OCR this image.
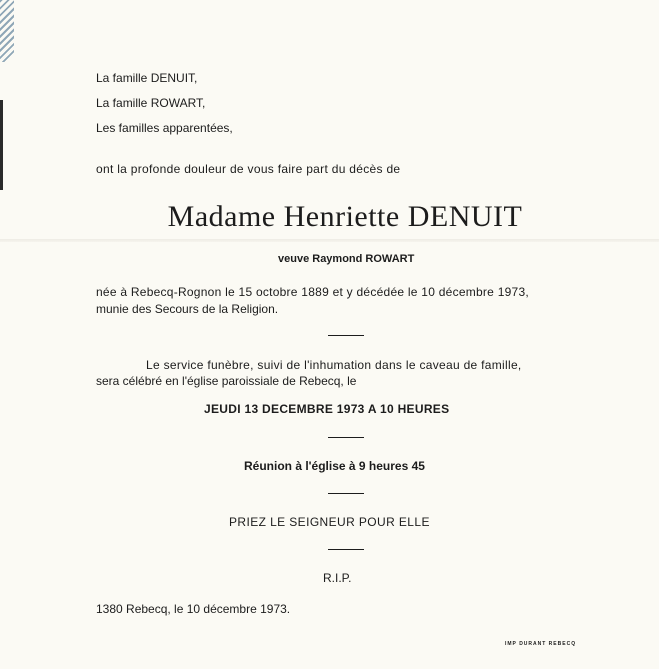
La famille DENUIT,
La famille ROWART,
Les familles apparentées,
ont la profonde douleur de vous faire part du décès de
Madame Henriette DENUIT
veuve Raymond ROWART
née à Rebecq-Rognon le 15 octobre 1889 et y décédée le 10 décembre 1973,
munie des Secours de la Religion.
Le service funèbre, suivi de l'inhumation dans le caveau de famille,
sera célébré en l'église paroissiale de Rebecq, le
JEUDI 13 DECEMBRE 1973 A 10 HEURES
Réunion à l'église à 9 heures 45
PRIEZ LE SEIGNEUR POUR ELLE
R.I.P.
1380 Rebecq, le 10 décembre 1973.
IMP DURANT REBECQ
